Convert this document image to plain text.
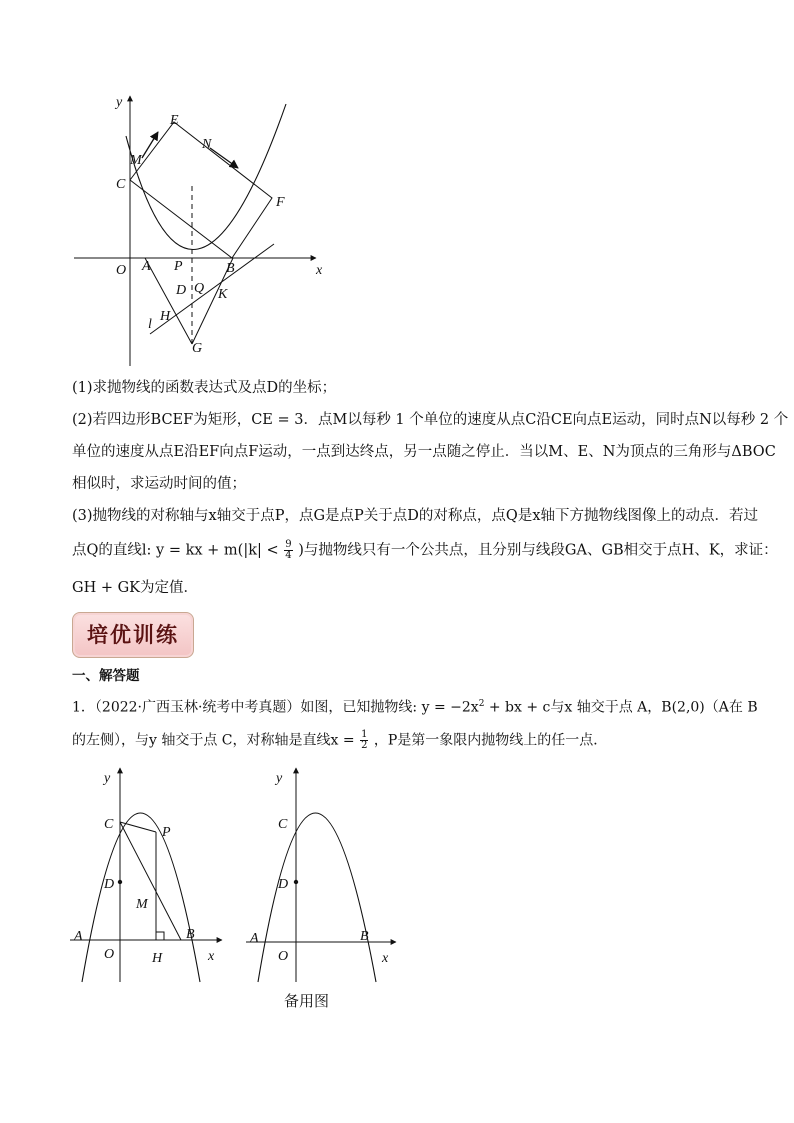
y
x
O
E
M
N
C
F
A P	B
D Q K
l
H
G
(1)求抛物线的函数表达式及点D的坐标；
(2)若四边形BCEF为矩形，CE = 3．点M以每秒 1 个单位的速度从点C沿CE向点E运动，同时点N以每秒 2 个
单位的速度从点E沿EF向点F运动，一点到达终点，另一点随之停止．当以M、E、N为顶点的三角形与ΔBOC
相似时，求运动时间的值；
(3)抛物线的对称轴与x轴交于点P，点G是点P关于点D的对称点，点Q是x轴下方抛物线图像上的动点．若过
点Q的直线l: y = kx + $m(|k| < \frac{9}{4}$ )与抛物线只有一个公共点，且分别与线段GA、GB相交于点H、K，求证：
GH + GK为定值．
培优训练
一、解答题
1．（2022·广西玉林·统考中考真题）如图，已知抛物线: $y = -2x^2$ + bx + c与x 轴交于点 A，B(2,0)（A在 B
的左侧），与y 轴交于点 C，对称轴是直线$x = \frac{1}{2}$ ，P是第一象限内抛物线上的任一点．
y
C
P
D
M
A	B
O	H	x
y
C
D
A	B
O	x
备用图
